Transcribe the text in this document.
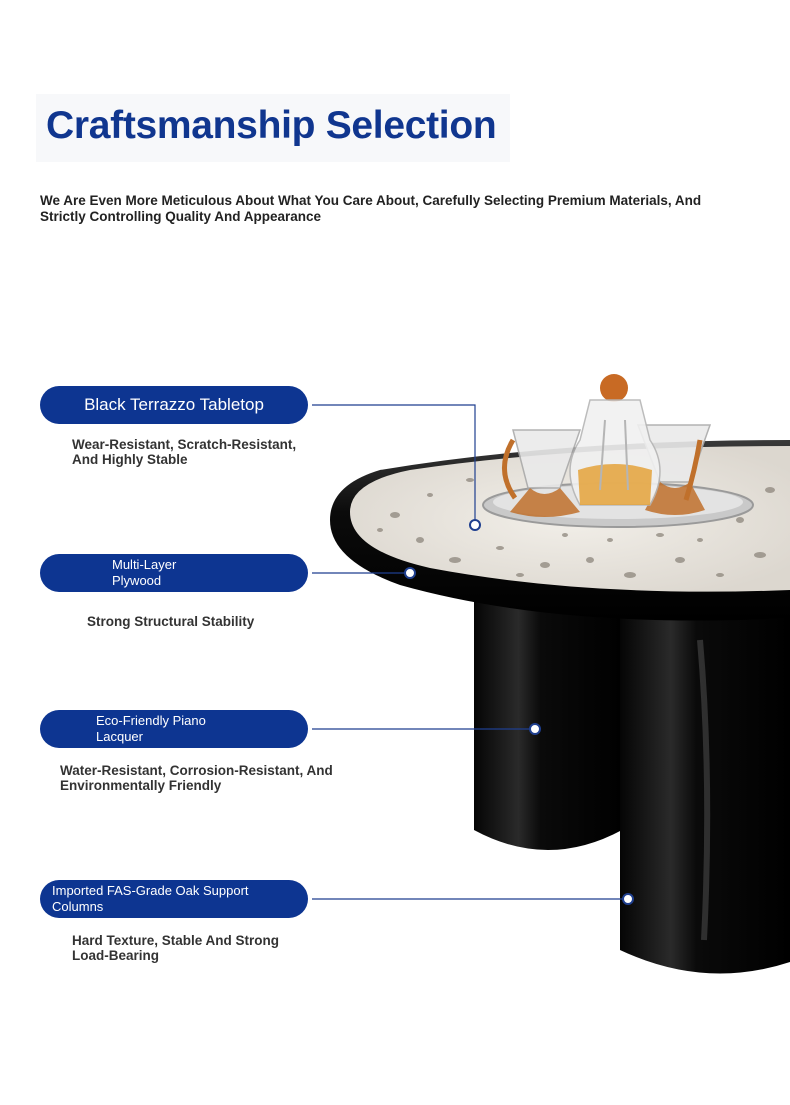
Craftsmanship Selection
We Are Even More Meticulous About What You Care About, Carefully Selecting Premium Materials, And Strictly Controlling Quality And Appearance
Black Terrazzo Tabletop
Wear-Resistant, Scratch-Resistant,
And Highly Stable
Multi-Layer
Plywood
Strong Structural Stability
Eco-Friendly Piano
Lacquer
Water-Resistant, Corrosion-Resistant, And
Environmentally Friendly
Imported FAS-Grade Oak Support
Columns
Hard Texture, Stable And Strong
Load-Bearing
